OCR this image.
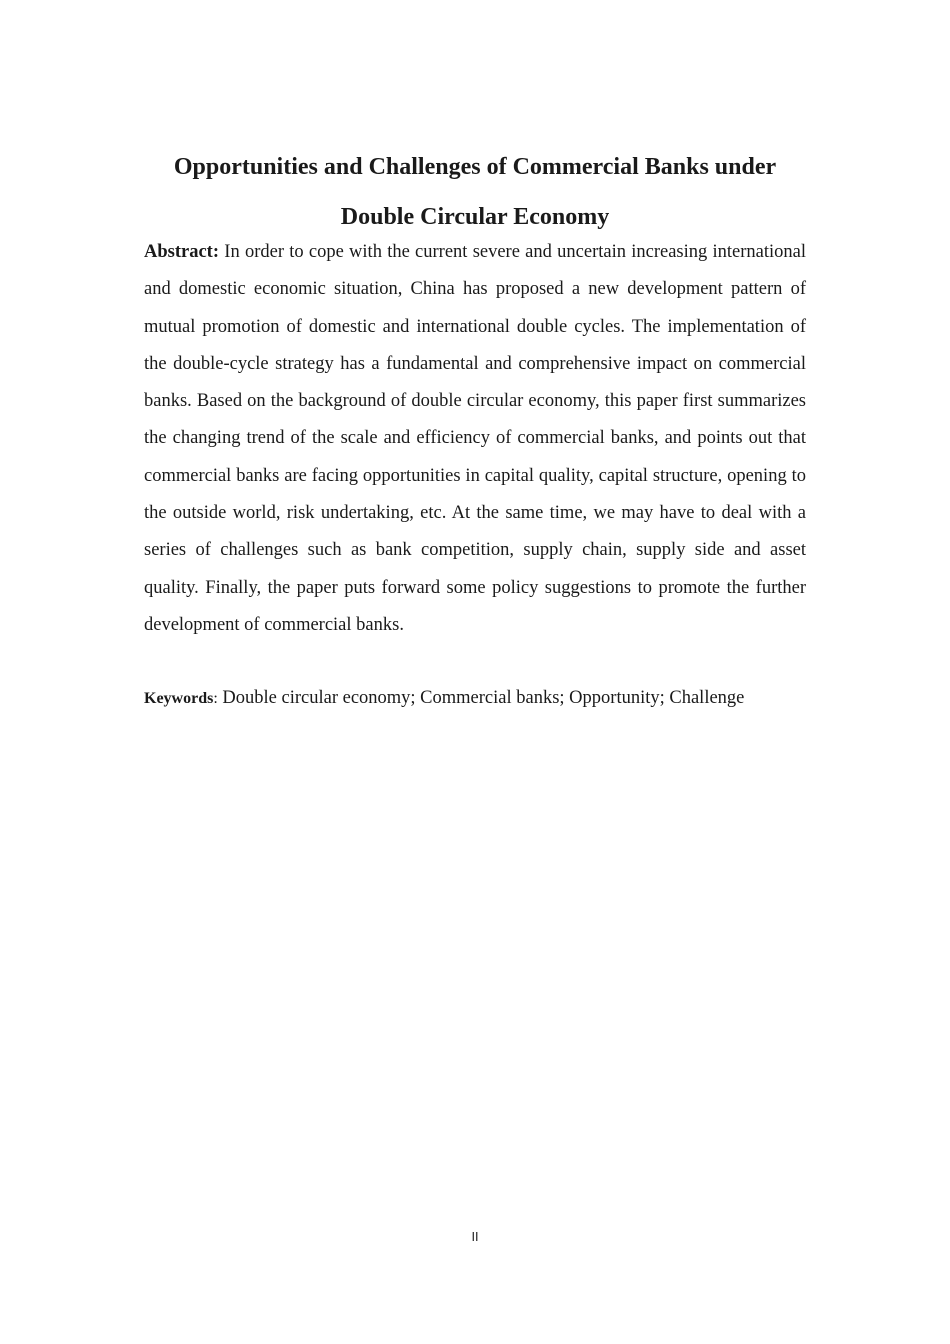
Opportunities and Challenges of Commercial Banks under Double Circular Economy

Abstract: In order to cope with the current severe and uncertain increasing international and domestic economic situation, China has proposed a new development pattern of mutual promotion of domestic and international double cycles. The implementation of the double-cycle strategy has a fundamental and comprehensive impact on commercial banks. Based on the background of double circular economy, this paper first summarizes the changing trend of the scale and efficiency of commercial banks, and points out that commercial banks are facing opportunities in capital quality, capital structure, opening to the outside world, risk undertaking, etc. At the same time, we may have to deal with a series of challenges such as bank competition, supply chain, supply side and asset quality. Finally, the paper puts forward some policy suggestions to promote the further development of commercial banks.

Keywords: Double circular economy; Commercial banks; Opportunity; Challenge

II
